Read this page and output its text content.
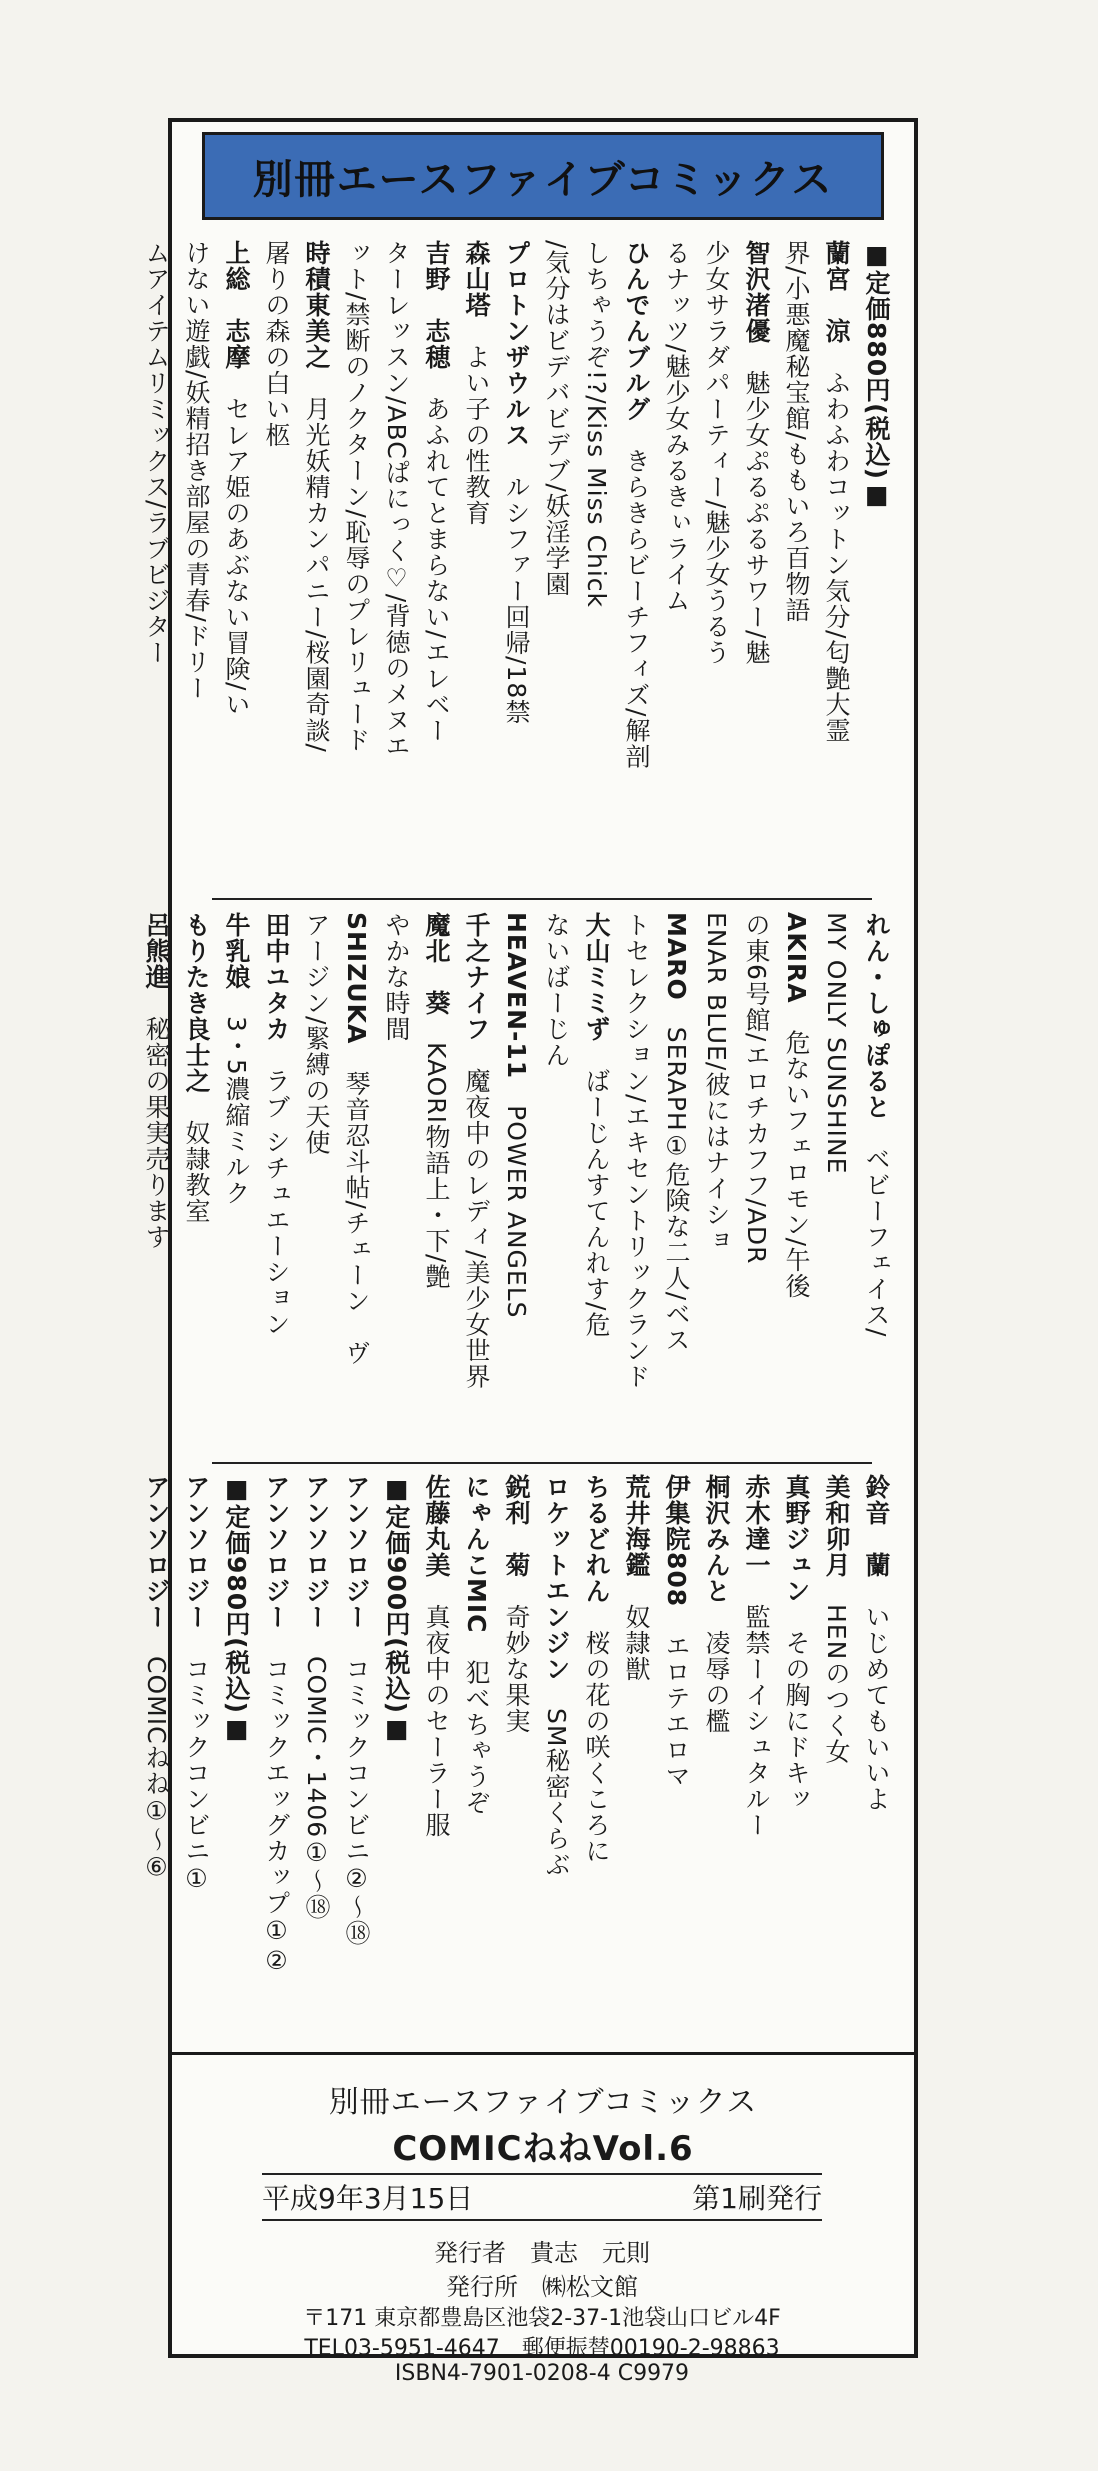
別冊エースファイブコミックス
■定価880円(税込)■
蘭宮　涼　ふわふわコットン気分/匂艶大霊
界/小悪魔秘宝館/ももいろ百物語
智沢渚優　魅少女ぷるぷるサワー/魅
少女サラダパーティー/魅少女うるう
るナッツ/魅少女みるきぃライム
ひんでんブルグ　きらきらビーチフィズ/解剖
しちゃうぞ!?/Kiss Miss Chick
/気分はビデバビデブ/妖淫学園
プロトンザウルス　ルシファー回帰/18禁
森山塔　よい子の性教育
吉野　志穂　あふれてとまらない/エレベー
ターレッスン/ABCぱにっく♡/背徳のメヌエ
ット/禁断のノクターン/恥辱のプレリュード
時積東美之　月光妖精カンパニー/桜園奇談/
屠りの森の白い柩
上総　志摩　セレア姫のあぶない冒険/い
けない遊戯/妖精招き部屋の青春/ドリー
ムアイテムリミックス/ラブビジター
れん・しゅぽると　ベビーフェイス/
MY ONLY SUNSHINE
AKIRA　危ないフェロモン/午後
の東6号館/エロチカフフ/ADR
ENAR BLUE/彼にはナイショ
MARO　SERAPH①危険な二人/ベス
トセレクション/エキセントリックランド
大山ミミず　ばーじんすてんれす/危
ないばーじん
HEAVEN-11　POWER ANGELS
千之ナイフ　魔夜中のレディ/美少女世界
魔北　葵　KAORI物語上・下/艶
やかな時間
SHIZUKA　琴音忍斗帖/チェーン　ヴ
アージン/緊縛の天使
田中ユタカ　ラブ シチュエーション
牛乳娘　3・5濃縮ミルク
もりたき良士之　奴隷教室
呂熊進　秘密の果実売ります
鈴音　蘭　いじめてもいいよ
美和卯月　HENのつく女
真野ジュン　その胸にドキッ
赤木達一　監禁ーイシュタルー
桐沢みんと　凌辱の檻
伊集院808　エロテエロマ
荒井海鑑　奴隷獣
ちるどれん　桜の花の咲くころに
ロケットエンジン　SM秘密くらぶ
鋭利　菊　奇妙な果実
にゃんこMIC　犯べちゃうぞ
佐藤丸美　真夜中のセーラー服
■定価900円(税込)■
アンソロジー　コミックコンビニ②〜⑱
アンソロジー　COMIC・1406①〜⑱
アンソロジー　コミックエッグカップ①②
■定価980円(税込)■
アンソロジー　コミックコンビニ①
アンソロジー　COMICねね①〜⑥
別冊エースファイブコミックス
COMICねねVol.6
平成9年3月15日	第1刷発行
発行者　貴志　元則
発行所　㈱松文館
〒171 東京都豊島区池袋2-37-1池袋山口ビル4F
TEL03-5951-4647　郵便振替00190-2-98863
ISBN4-7901-0208-4 C9979
